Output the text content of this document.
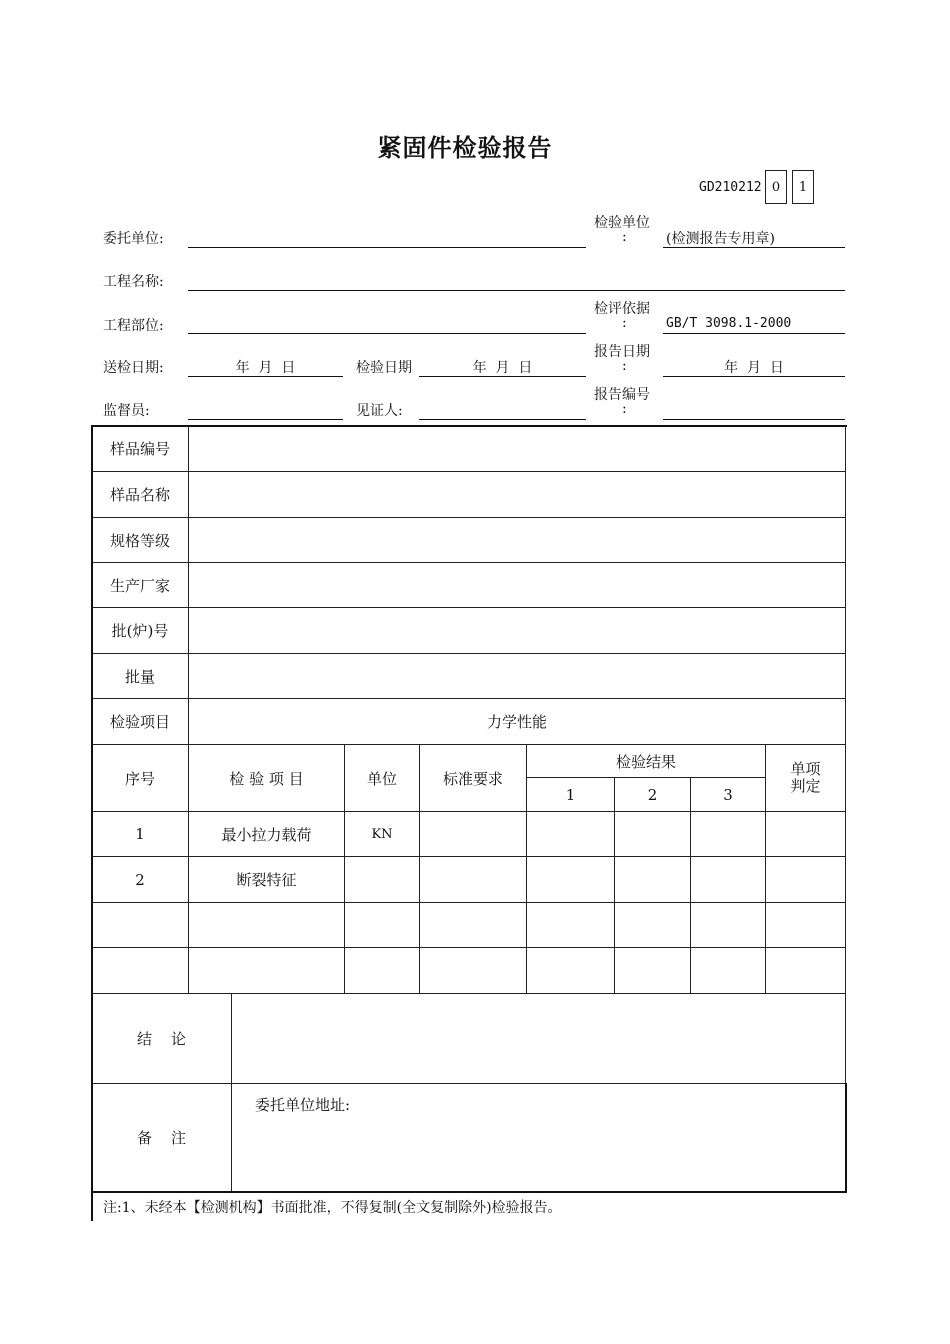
紧固件检验报告
GD210212 0	1
委托单位:
检验单位
:	(检测报告专用章)
工程名称:
工程部位:
检评依据
:	GB/T 3098.1-2000
送检日期:	年  月  日	检验日期	年  月  日
报告日期
:	年  月  日
监督员:	见证人:
报告编号
:
样品编号
样品名称
规格等级
生产厂家
批(炉)号
批量
检验项目	力学性能
序号	检 验 项 目	单位	标准要求
检验结果
1	2	3
单项
判定
1	最小拉力载荷	KN
2	断裂特征
结    论
备    注
委托单位地址:
注:1、未经本【检测机构】书面批准，不得复制(全文复制除外)检验报告。
